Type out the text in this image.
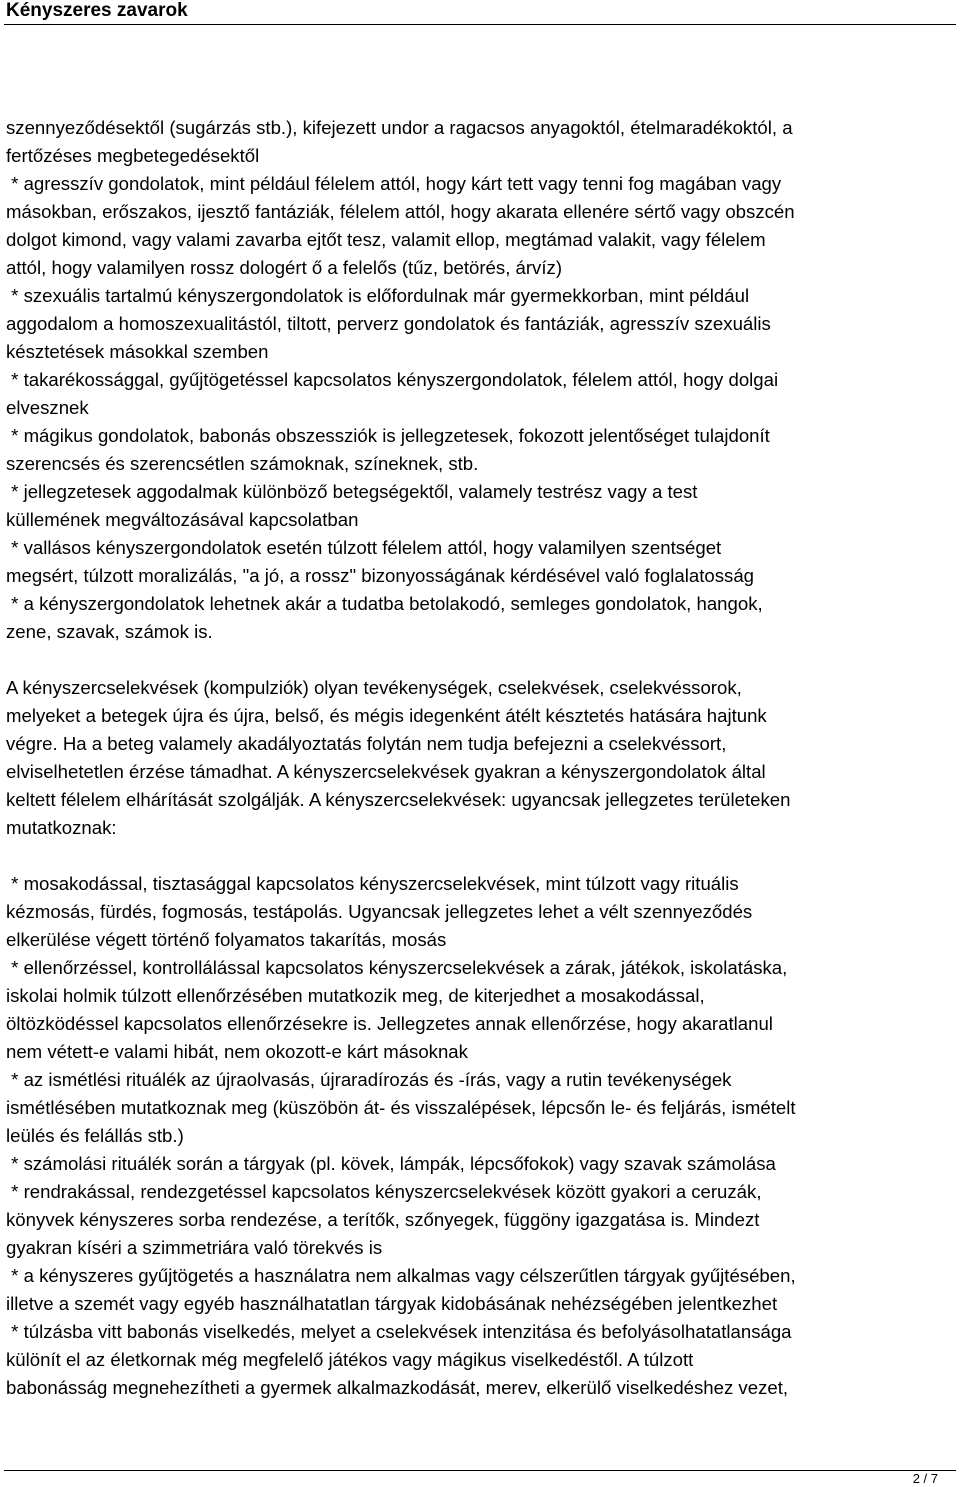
Kényszeres zavarok
szennyeződésektől (sugárzás stb.), kifejezett undor a ragacsos anyagoktól, ételmaradékoktól, a
fertőzéses megbetegedésektől
* agresszív gondolatok, mint például félelem attól, hogy kárt tett vagy tenni fog magában vagy
másokban, erőszakos, ijesztő fantáziák, félelem attól, hogy akarata ellenére sértő vagy obszcén
dolgot kimond, vagy valami zavarba ejtőt tesz, valamit ellop, megtámad valakit, vagy félelem
attól, hogy valamilyen rossz dologért ő a felelős (tűz, betörés, árvíz)
* szexuális tartalmú kényszergondolatok is előfordulnak már gyermekkorban, mint például
aggodalom a homoszexualitástól, tiltott, perverz gondolatok és fantáziák, agresszív szexuális
késztetések másokkal szemben
* takarékossággal, gyűjtögetéssel kapcsolatos kényszergondolatok, félelem attól, hogy dolgai
elvesznek
* mágikus gondolatok, babonás obszessziók is jellegzetesek, fokozott jelentőséget tulajdonít
szerencsés és szerencsétlen számoknak, színeknek, stb.
* jellegzetesek aggodalmak különböző betegségektől, valamely testrész vagy a test
küllemének megváltozásával kapcsolatban
* vallásos kényszergondolatok esetén túlzott félelem attól, hogy valamilyen szentséget
megsért, túlzott moralizálás, "a jó, a rossz" bizonyosságának kérdésével való foglalatosság
* a kényszergondolatok lehetnek akár a tudatba betolakodó, semleges gondolatok, hangok,
zene, szavak, számok is.
A kényszercselekvések (kompulziók) olyan tevékenységek, cselekvések, cselekvéssorok,
melyeket a betegek újra és újra, belső, és mégis idegenként átélt késztetés hatására hajtunk
végre. Ha a beteg valamely akadályoztatás folytán nem tudja befejezni a cselekvéssort,
elviselhetetlen érzése támadhat. A kényszercselekvések gyakran a kényszergondolatok által
keltett félelem elhárítását szolgálják. A kényszercselekvések: ugyancsak jellegzetes területeken
mutatkoznak:
* mosakodással, tisztasággal kapcsolatos kényszercselekvések, mint túlzott vagy rituális
kézmosás, fürdés, fogmosás, testápolás. Ugyancsak jellegzetes lehet a vélt szennyeződés
elkerülése végett történő folyamatos takarítás, mosás
* ellenőrzéssel, kontrollálással kapcsolatos kényszercselekvések a zárak, játékok, iskolatáska,
iskolai holmik túlzott ellenőrzésében mutatkozik meg, de kiterjedhet a mosakodással,
öltözködéssel kapcsolatos ellenőrzésekre is. Jellegzetes annak ellenőrzése, hogy akaratlanul
nem vétett-e valami hibát, nem okozott-e kárt másoknak
* az ismétlési rituálék az újraolvasás, újraradírozás és -írás, vagy a rutin tevékenységek
ismétlésében mutatkoznak meg (küszöbön át- és visszalépések, lépcsőn le- és feljárás, ismételt
leülés és felállás stb.)
* számolási rituálék során a tárgyak (pl. kövek, lámpák, lépcsőfokok) vagy szavak számolása
* rendrakással, rendezgetéssel kapcsolatos kényszercselekvések között gyakori a ceruzák,
könyvek kényszeres sorba rendezése, a terítők, szőnyegek, függöny igazgatása is. Mindezt
gyakran kíséri a szimmetriára való törekvés is
* a kényszeres gyűjtögetés a használatra nem alkalmas vagy célszerűtlen tárgyak gyűjtésében,
illetve a szemét vagy egyéb használhatatlan tárgyak kidobásának nehézségében jelentkezhet
* túlzásba vitt babonás viselkedés, melyet a cselekvések intenzitása és befolyásolhatatlansága
különít el az életkornak még megfelelő játékos vagy mágikus viselkedéstől. A túlzott
babonásság megnehezítheti a gyermek alkalmazkodását, merev, elkerülő viselkedéshez vezet,
2 / 7
